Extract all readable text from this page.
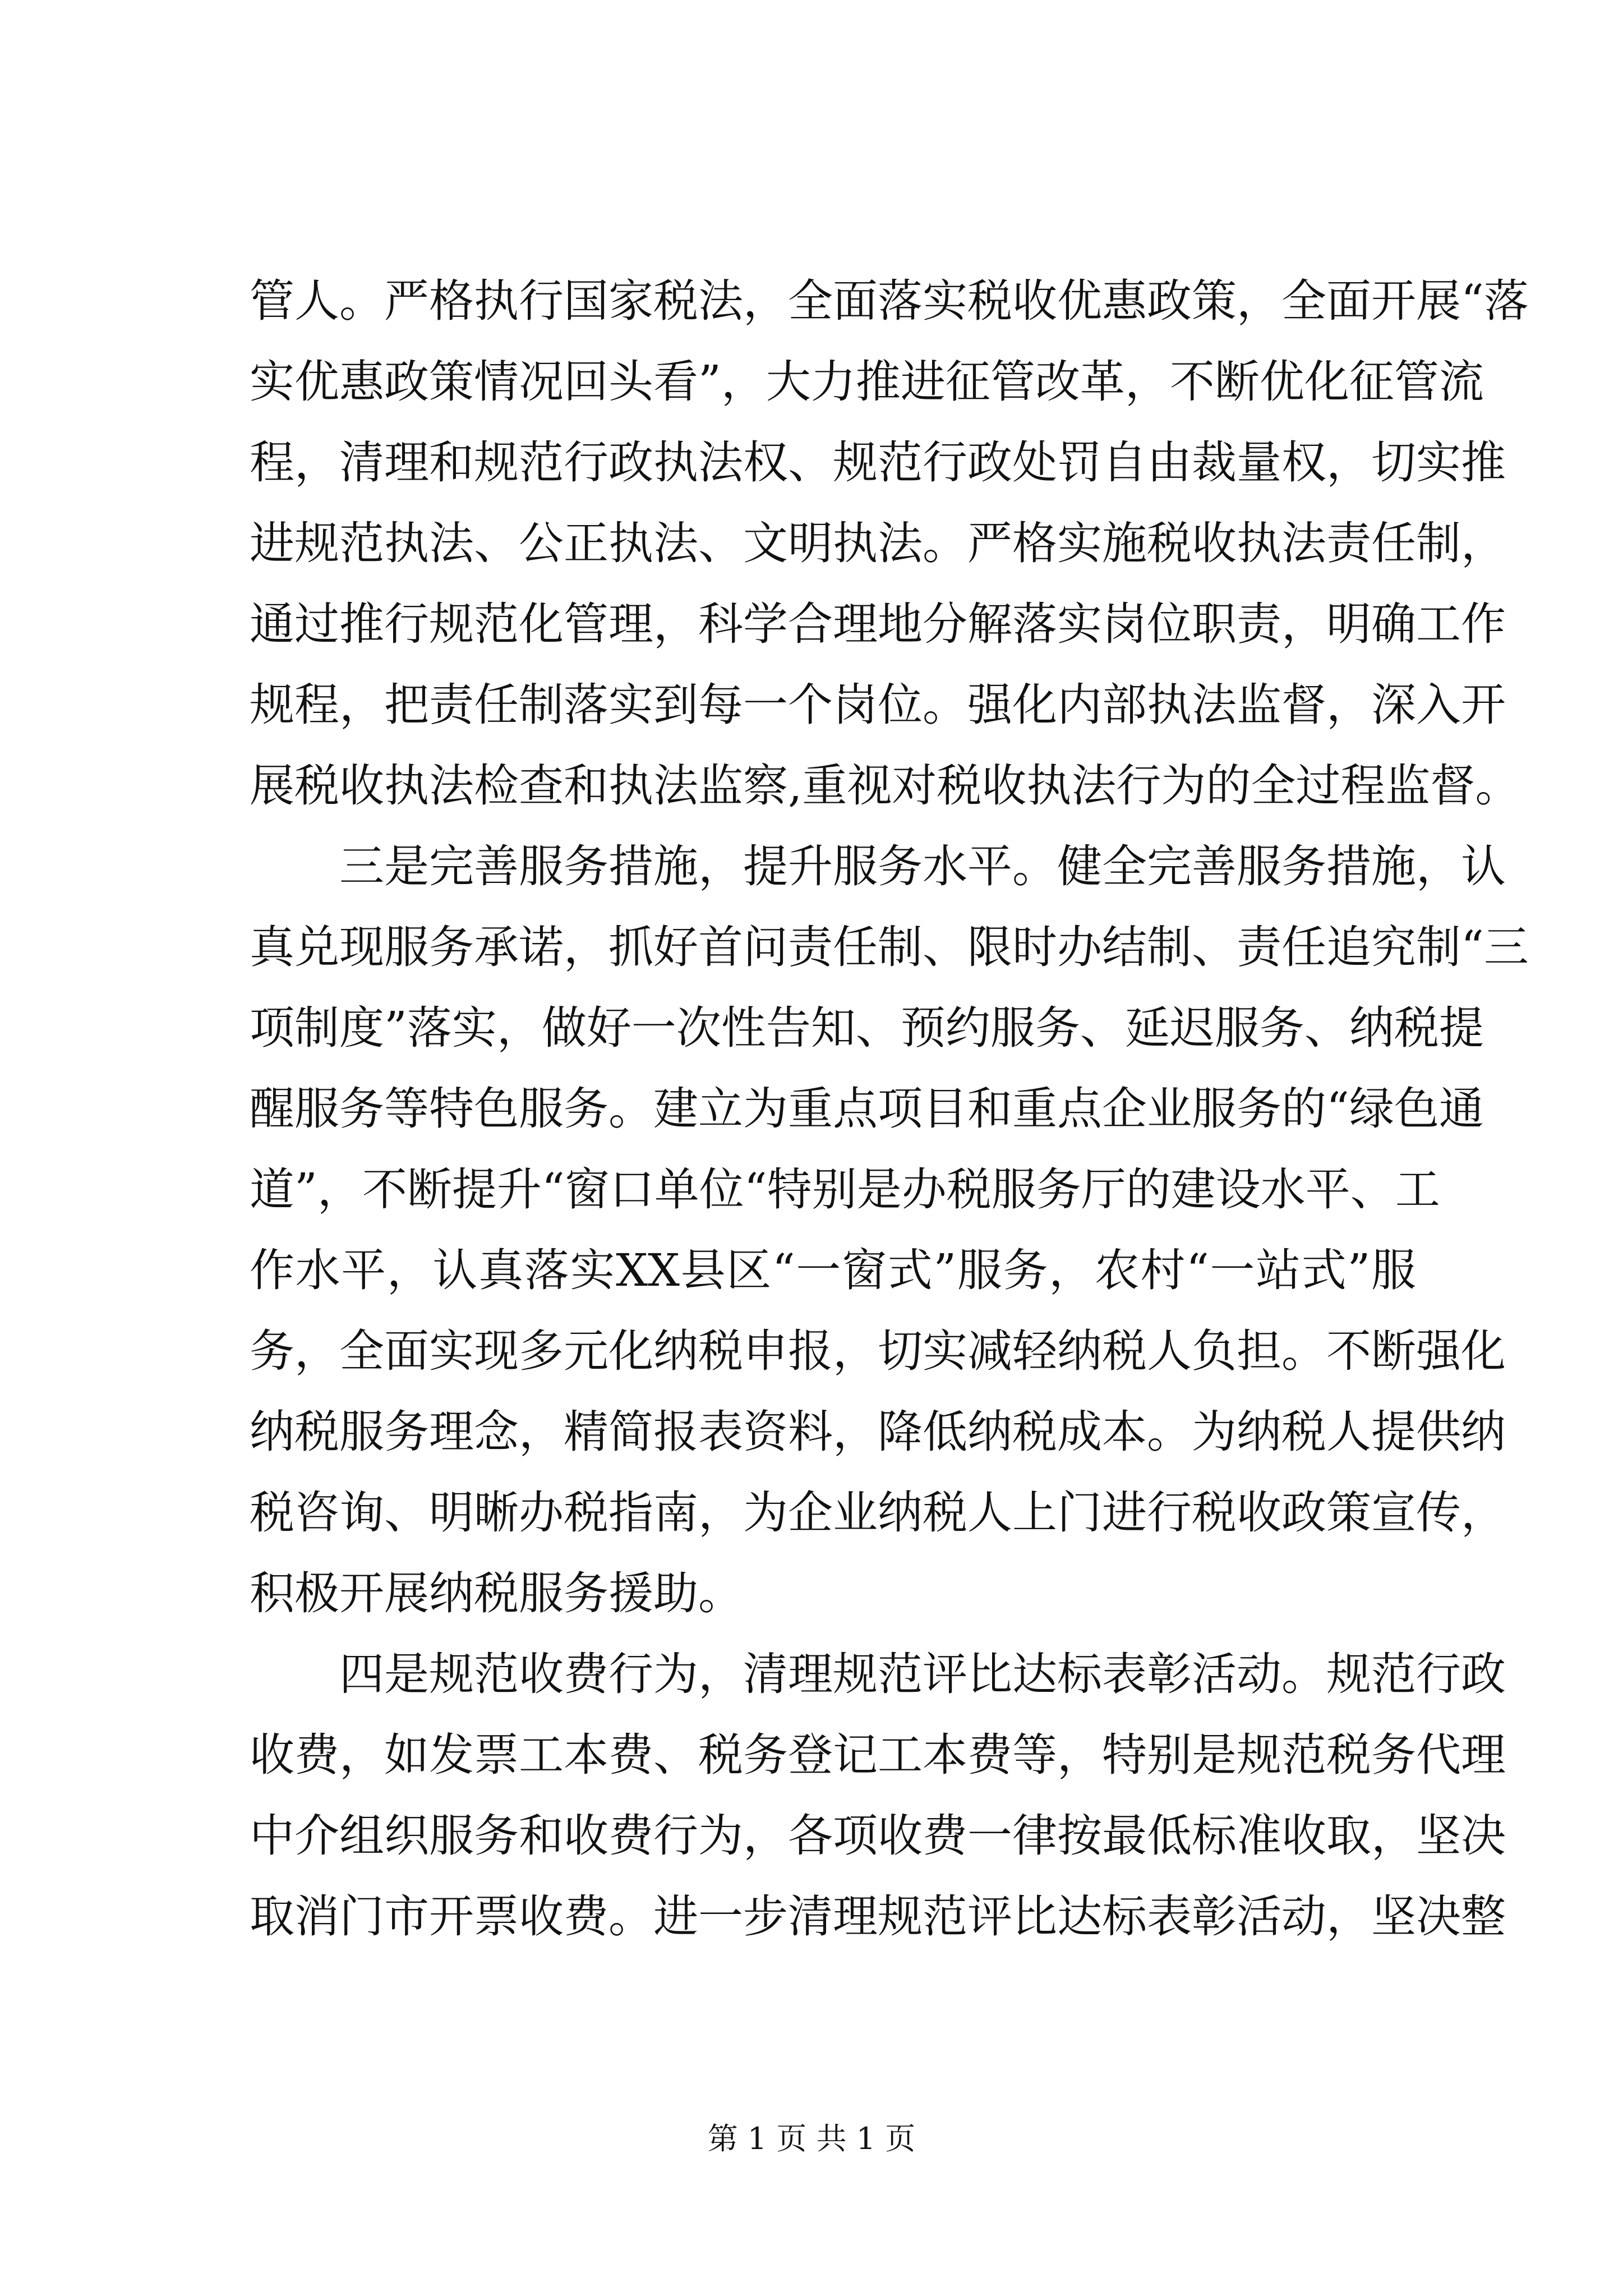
管人。严格执行国家税法，全面落实税收优惠政策，全面开展“落
实优惠政策情况回头看”，大力推进征管改革，不断优化征管流
程，清理和规范行政执法权、规范行政处罚自由裁量权，切实推
进规范执法、公正执法、文明执法。严格实施税收执法责任制，
通过推行规范化管理，科学合理地分解落实岗位职责，明确工作
规程，把责任制落实到每一个岗位。强化内部执法监督，深入开
展税收执法检查和执法监察,重视对税收执法行为的全过程监督。
三是完善服务措施，提升服务水平。健全完善服务措施，认
真兑现服务承诺，抓好首问责任制、限时办结制、责任追究制“三
项制度”落实，做好一次性告知、预约服务、延迟服务、纳税提
醒服务等特色服务。建立为重点项目和重点企业服务的“绿色通
道”，不断提升“窗口单位“特别是办税服务厅的建设水平、工
作水平，认真落实XX县区“一窗式”服务，农村“一站式”服
务，全面实现多元化纳税申报，切实减轻纳税人负担。不断强化
纳税服务理念，精简报表资料，降低纳税成本。为纳税人提供纳
税咨询、明晰办税指南，为企业纳税人上门进行税收政策宣传，
积极开展纳税服务援助。
四是规范收费行为，清理规范评比达标表彰活动。规范行政
收费，如发票工本费、税务登记工本费等，特别是规范税务代理
中介组织服务和收费行为，各项收费一律按最低标准收取，坚决
取消门市开票收费。进一步清理规范评比达标表彰活动，坚决整
第 1 页 共 1 页
